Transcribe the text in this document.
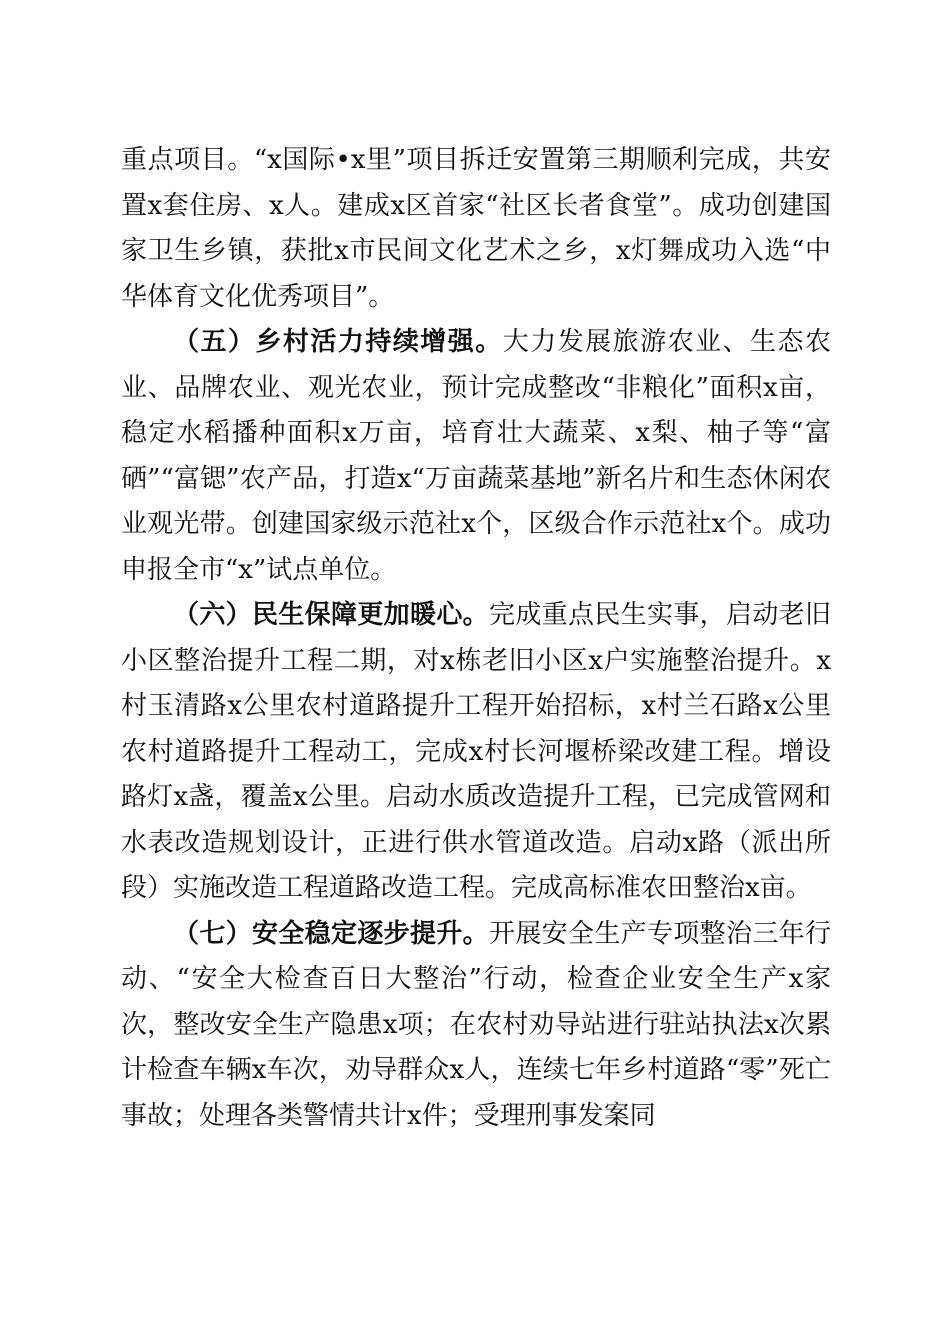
重点项目。“x国际•x里”项目拆迁安置第三期顺利完成，共安置x套住房、x人。建成x区首家“社区长者食堂”。成功创建国家卫生乡镇，获批x市民间文化艺术之乡，x灯舞成功入选“中华体育文化优秀项目”。

（五）乡村活力持续增强。大力发展旅游农业、生态农业、品牌农业、观光农业，预计完成整改“非粮化”面积x亩，稳定水稻播种面积x万亩，培育壮大蔬菜、x梨、柚子等“富硒”“富锶”农产品，打造x“万亩蔬菜基地”新名片和生态休闲农业观光带。创建国家级示范社x个，区级合作示范社x个。成功申报全市“x”试点单位。

（六）民生保障更加暖心。完成重点民生实事，启动老旧小区整治提升工程二期，对x栋老旧小区x户实施整治提升。x村玉清路x公里农村道路提升工程开始招标，x村兰石路x公里农村道路提升工程动工，完成x村长河堰桥梁改建工程。增设路灯x盏，覆盖x公里。启动水质改造提升工程，已完成管网和水表改造规划设计，正进行供水管道改造。启动x路（派出所段）实施改造工程道路改造工程。完成高标准农田整治x亩。

（七）安全稳定逐步提升。开展安全生产专项整治三年行动、“安全大检查百日大整治”行动，检查企业安全生产x家次，整改安全生产隐患x项；在农村劝导站进行驻站执法x次累计检查车辆x车次，劝导群众x人，连续七年乡村道路“零”死亡事故；处理各类警情共计x件；受理刑事发案同
